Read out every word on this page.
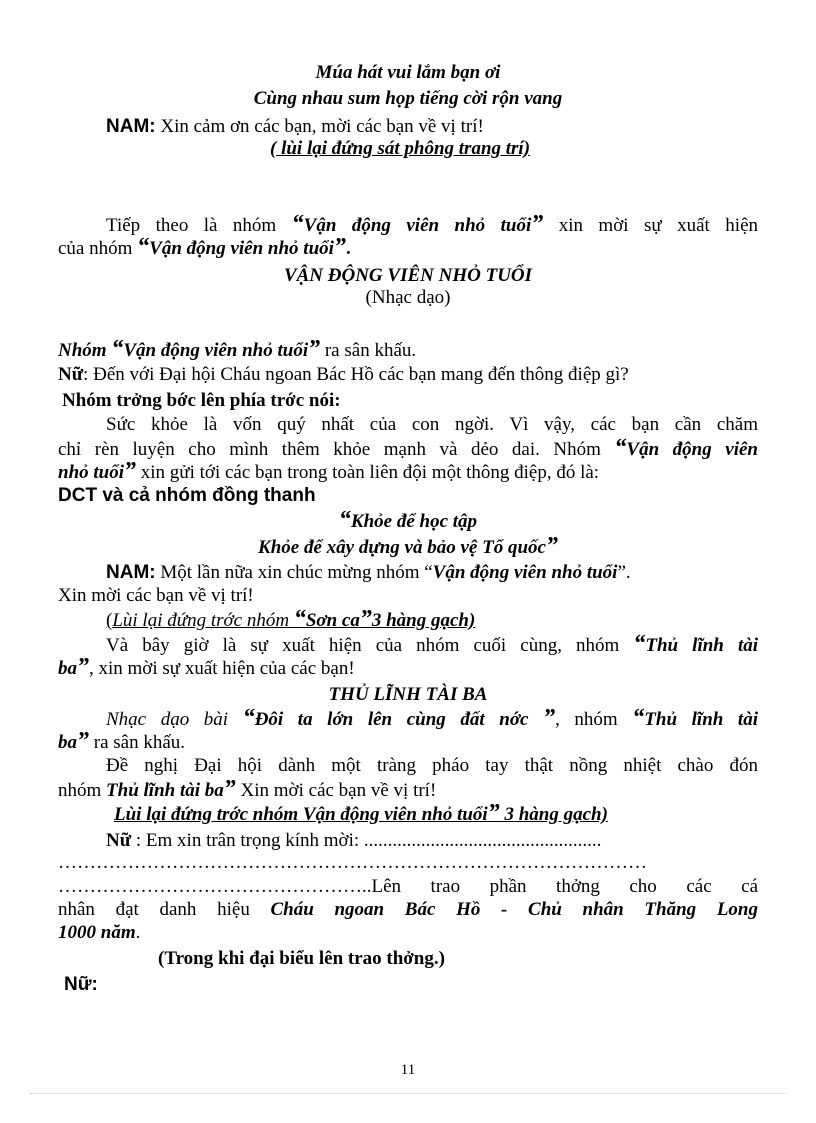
Múa hát vui lắm bạn ơi
Cùng nhau sum họp tiếng cời rộn vang
NAM: Xin cảm ơn các bạn, mời các bạn về vị trí!
( lùi lại đứng sát phông trang trí)
Tiếp theo là nhóm “Vận động viên nhỏ tuổi” xin mời sự xuất hiện
của nhóm “Vận động viên nhỏ tuổi”.
VẬN ĐỘNG VIÊN NHỎ TUỔI
(Nhạc dạo)
Nhóm “Vận động viên nhỏ tuổi” ra sân khấu.
Nữ: Đến với Đại hội Cháu ngoan Bác Hồ các bạn mang đến thông điệp gì?
Nhóm trởng bớc lên phía trớc nói:
Sức khỏe là vốn quý nhất của con ngời. Vì vậy, các bạn cần chăm
chỉ rèn luyện cho mình thêm khỏe mạnh và dẻo dai. Nhóm “Vận động viên
nhỏ tuổi” xin gửi tới các bạn trong toàn liên đội một thông điệp, đó là:
DCT và cả nhóm đồng thanh
“Khỏe để học tập
Khỏe để xây dựng và bảo vệ Tổ quốc”
NAM: Một lần nữa xin chúc mừng nhóm “Vận động viên nhỏ tuổi”.
Xin mời các bạn về vị trí!
(Lùi lại đứng trớc nhóm “Sơn ca”3 hàng gạch)
Và bây giờ là sự xuất hiện của nhóm cuối cùng, nhóm “Thủ lĩnh tài
ba”, xin mời sự xuất hiện của các bạn!
THỦ LĨNH TÀI BA
Nhạc dạo bài “Đôi ta lớn lên cùng đất nớc ”, nhóm “Thủ lĩnh tài
ba” ra sân khấu.
Đề nghị Đại hội dành một tràng pháo tay thật nồng nhiệt chào đón
nhóm Thủ lĩnh tài ba” Xin mời các bạn về vị trí!
Lùi lại đứng trớc nhóm Vận động viên nhỏ tuổi” 3 hàng gạch)
Nữ : Em xin trân trọng kính mời: ..................................................
…………………………………………………………………………………
…………………………………………..Lên trao phần thởng cho các cá
nhân đạt danh hiệu Cháu ngoan Bác Hồ - Chủ nhân Thăng Long
1000 năm.
(Trong khi đại biểu lên trao thởng.)
Nữ:
11
